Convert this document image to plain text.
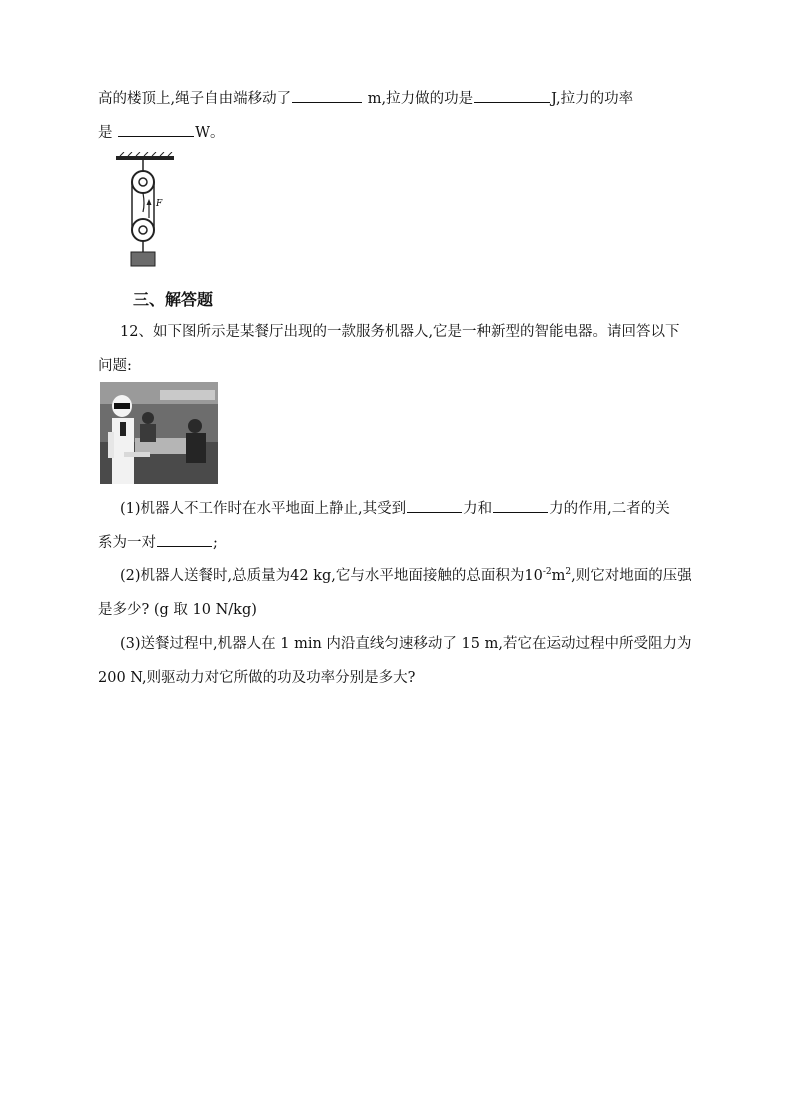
高的楼顶上,绳子自由端移动了	m,拉力做的功是	J,拉力的功率
是	W。
F
三、解答题
12、如下图所示是某餐厅出现的一款服务机器人,它是一种新型的智能电器。请回答以下
问题:
(1)机器人不工作时在水平地面上静止,其受到	力和	力的作用,二者的关
系为一对	;
(2)机器人送餐时,总质量为42 kg,它与水平地面接触的总面积为$10^{-2}m^2$,则它对地面的压强
是多少? (g 取 10 N/kg)
(3)送餐过程中,机器人在 1 min 内沿直线匀速移动了 15 m,若它在运动过程中所受阻力为
200 N,则驱动力对它所做的功及功率分别是多大?
